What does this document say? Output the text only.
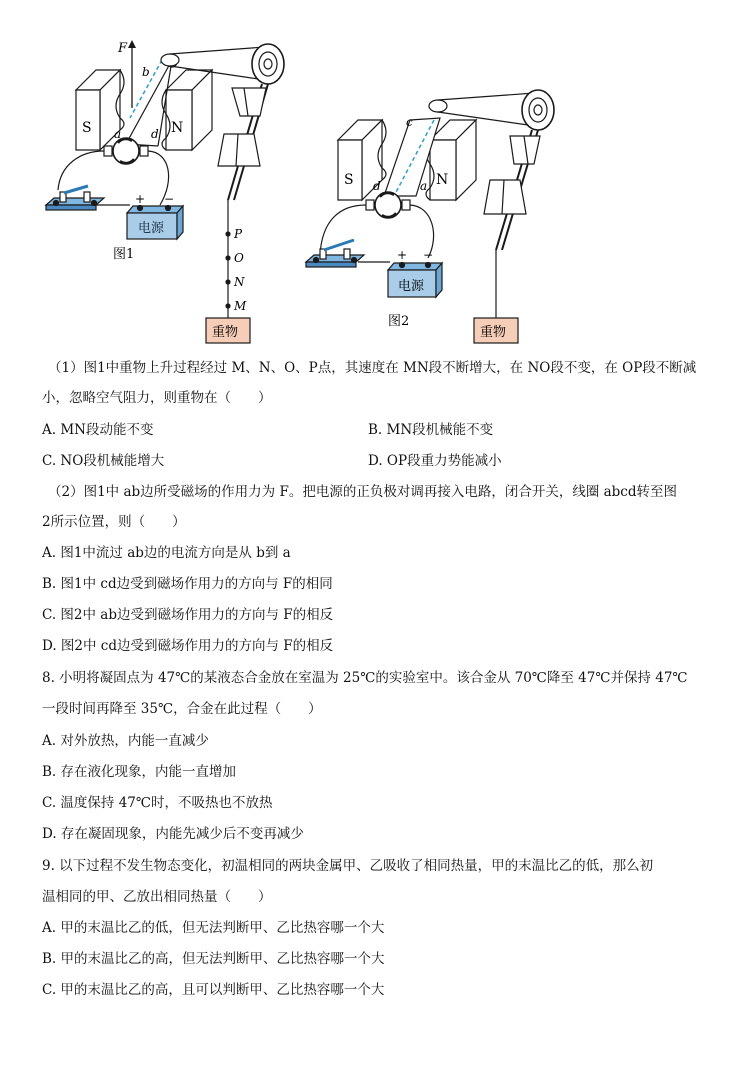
F
b
a d
S	N
+ −
电源
图1
P
O
N
M
重物
c
d	a
S	N
+ −
电源
图2
重物
（1）图1中重物上升过程经过 M、N、O、P点，其速度在 MN段不断增大，在 NO段不变，在 OP段不断减
小，忽略空气阻力，则重物在（　　）
A. MN段动能不变	B. MN段机械能不变
C. NO段机械能增大	D. OP段重力势能减小
（2）图1中 ab边所受磁场的作用力为 F。把电源的正负极对调再接入电路，闭合开关，线圈 abcd转至图
2所示位置，则（　　）
A. 图1中流过 ab边的电流方向是从 b到 a
B. 图1中 cd边受到磁场作用力的方向与 F的相同
C. 图2中 ab边受到磁场作用力的方向与 F的相反
D. 图2中 cd边受到磁场作用力的方向与 F的相反
8. 小明将凝固点为 47℃的某液态合金放在室温为 25℃的实验室中。该合金从 70℃降至 47℃并保持 47℃
一段时间再降至 35℃，合金在此过程（　　）
A. 对外放热，内能一直减少
B. 存在液化现象，内能一直增加
C. 温度保持 47℃时，不吸热也不放热
D. 存在凝固现象，内能先减少后不变再减少
9. 以下过程不发生物态变化，初温相同的两块金属甲、乙吸收了相同热量，甲的末温比乙的低，那么初
温相同的甲、乙放出相同热量（　　）
A. 甲的末温比乙的低，但无法判断甲、乙比热容哪一个大
B. 甲的末温比乙的高，但无法判断甲、乙比热容哪一个大
C. 甲的末温比乙的高，且可以判断甲、乙比热容哪一个大
